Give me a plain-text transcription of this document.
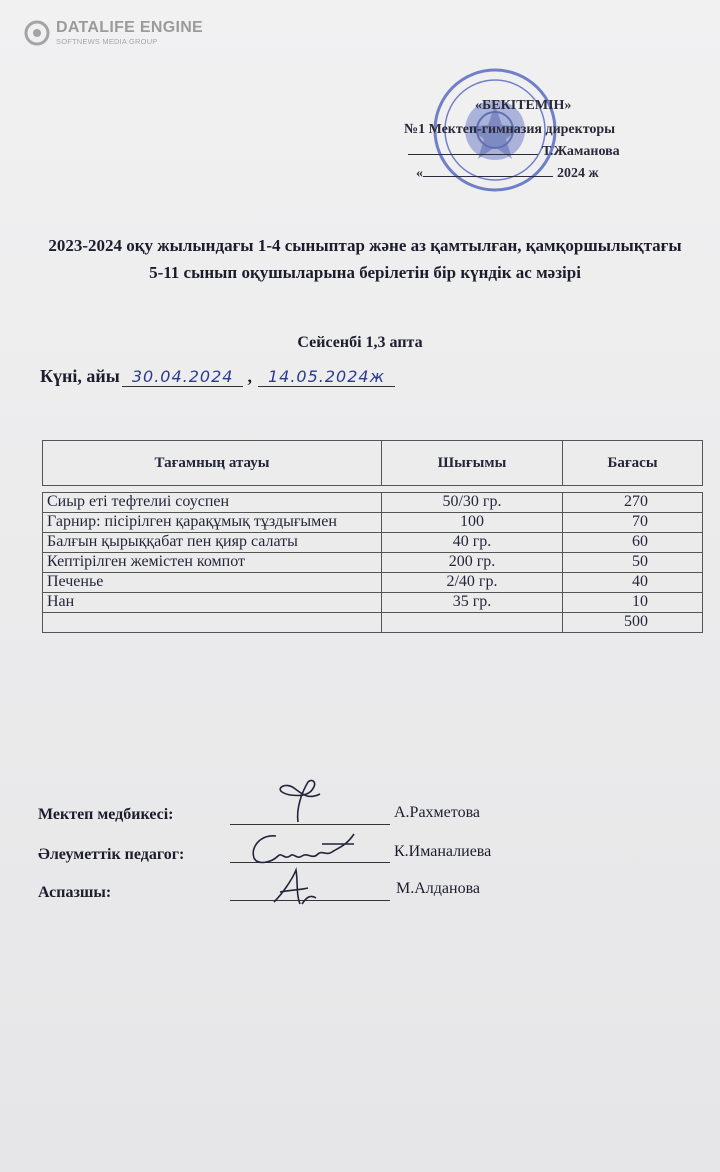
DATALIFE ENGINE
SOFTNEWS MEDIA GROUP
«БЕКІТЕМІН»
№1 Мектеп-гимназия директоры
Т.Жаманова
«	2024 ж
2023-2024 оқу жылындағы 1-4 сыныптар және аз қамтылған, қамқоршылықтағы 5-11 сынып оқушыларына берілетін бір күндік ас мәзірі
Сейсенбі 1,3 апта
Күні, айы 30.04.2024 ,	14.05.2024ж
Тағамның атауы	Шығымы	Бағасы

Сиыр еті тефтелиі соуспен	50/30 гр.	270
Гарнир: пісірілген қарақұмық тұздығымен	100	70
Балғын қырыққабат пен қияр салаты	40 гр.	60
Кептірілген жемістен компот	200 гр.	50
Печенье	2/40 гр.	40
Нан	35 гр.	10
		500
Мектеп медбикесі:	А.Рахметова
Әлеуметтік педагог:	К.Иманалиева
Аспазшы:	М.Алданова
